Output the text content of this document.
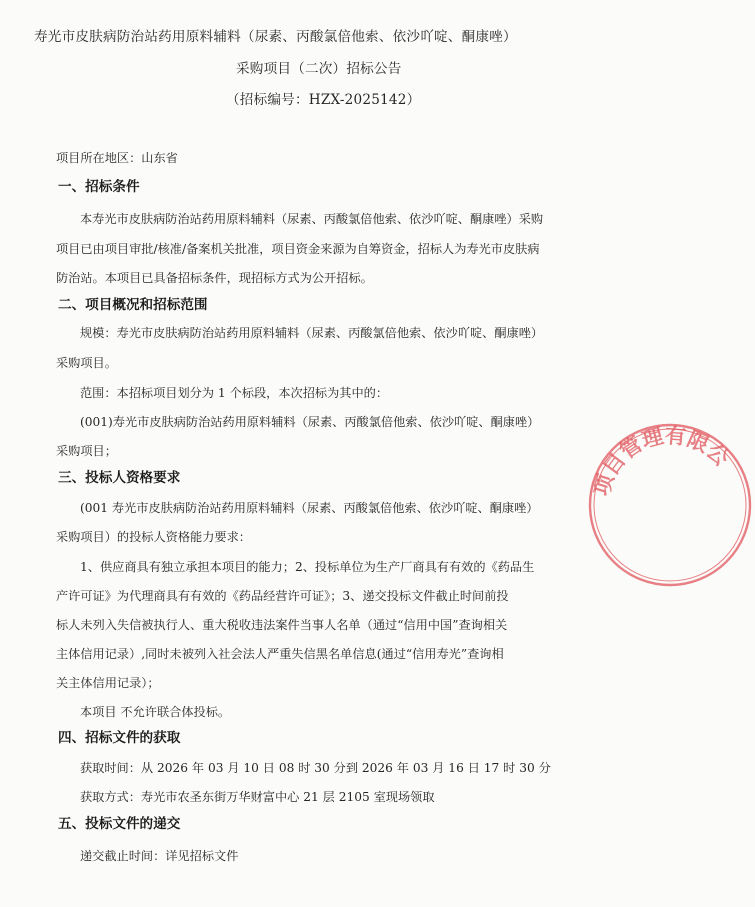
寿光市皮肤病防治站药用原料辅料（尿素、丙酸氯倍他索、依沙吖啶、酮康唑）
采购项目（二次）招标公告
（招标编号：HZX-2025142）
项目所在地区：山东省
一、招标条件
本寿光市皮肤病防治站药用原料辅料（尿素、丙酸氯倍他索、依沙吖啶、酮康唑）采购
项目已由项目审批/核准/备案机关批准，项目资金来源为自筹资金，招标人为寿光市皮肤病
防治站。本项目已具备招标条件，现招标方式为公开招标。
二、项目概况和招标范围
规模：寿光市皮肤病防治站药用原料辅料（尿素、丙酸氯倍他索、依沙吖啶、酮康唑）
采购项目。
范围：本招标项目划分为 1 个标段，本次招标为其中的：
(001)寿光市皮肤病防治站药用原料辅料（尿素、丙酸氯倍他索、依沙吖啶、酮康唑）
采购项目；
三、投标人资格要求
(001 寿光市皮肤病防治站药用原料辅料（尿素、丙酸氯倍他索、依沙吖啶、酮康唑）
采购项目）的投标人资格能力要求：
1、供应商具有独立承担本项目的能力；2、投标单位为生产厂商具有有效的《药品生
产许可证》为代理商具有有效的《药品经营许可证》；3、递交投标文件截止时间前投
标人未列入失信被执行人、重大税收违法案件当事人名单（通过“信用中国”查询相关
主体信用记录）,同时未被列入社会法人严重失信黑名单信息(通过“信用寿光”查询相
关主体信用记录）；
本项目 不允许联合体投标。
四、招标文件的获取
获取时间：从 2026 年 03 月 10 日 08 时 30 分到 2026 年 03 月 16 日 17 时 30 分
获取方式：寿光市农圣东街万华财富中心 21 层 2105 室现场领取
五、投标文件的递交
递交截止时间：详见招标文件
项目管理有限公
